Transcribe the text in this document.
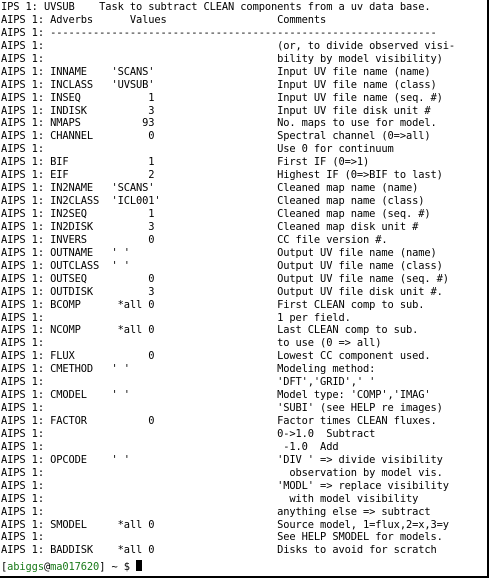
IPS 1: UVSUB    Task to subtract CLEAN components from a uv data base.
AIPS 1: Adverbs      Values                  Comments
AIPS 1: ---------------------------------------------------------------
AIPS 1:                                      (or, to divide observed visi-
AIPS 1:                                      bility by model visibility)
AIPS 1: INNAME    'SCANS'                    Input UV file name (name)
AIPS 1: INCLASS   'UVSUB'                    Input UV file name (class)
AIPS 1: INSEQ           1                    Input UV file name (seq. #)
AIPS 1: INDISK          3                    Input UV file disk unit #
AIPS 1: NMAPS          93                    No. maps to use for model.
AIPS 1: CHANNEL         0                    Spectral channel (0=>all)
AIPS 1:                                      Use 0 for continuum
AIPS 1: BIF             1                    First IF (0=>1)
AIPS 1: EIF             2                    Highest IF (0=>BIF to last)
AIPS 1: IN2NAME   'SCANS'                    Cleaned map name (name)
AIPS 1: IN2CLASS  'ICL001'                   Cleaned map name (class)
AIPS 1: IN2SEQ          1                    Cleaned map name (seq. #)
AIPS 1: IN2DISK         3                    Cleaned map disk unit #
AIPS 1: INVERS          0                    CC file version #.
AIPS 1: OUTNAME   ' '                        Output UV file name (name)
AIPS 1: OUTCLASS  ' '                        Output UV file name (class)
AIPS 1: OUTSEQ          0                    Output UV file name (seq. #)
AIPS 1: OUTDISK         3                    Output UV file disk unit #.
AIPS 1: BCOMP      *all 0                    First CLEAN comp to sub.
AIPS 1:                                      1 per field.
AIPS 1: NCOMP      *all 0                    Last CLEAN comp to sub.
AIPS 1:                                      to use (0 => all)
AIPS 1: FLUX            0                    Lowest CC component used.
AIPS 1: CMETHOD   ' '                        Modeling method:
AIPS 1:                                      'DFT','GRID',' '
AIPS 1: CMODEL    ' '                        Model type: 'COMP','IMAG'
AIPS 1:                                      'SUBI' (see HELP re images)
AIPS 1: FACTOR          0                    Factor times CLEAN fluxes.
AIPS 1:                                      0->1.0  Subtract
AIPS 1:                                       -1.0  Add
AIPS 1: OPCODE    ' '                        'DIV ' => divide visibility
AIPS 1:                                        observation by model vis.
AIPS 1:                                      'MODL' => replace visibility
AIPS 1:                                        with model visibility
AIPS 1:                                      anything else => subtract
AIPS 1: SMODEL     *all 0                    Source model, 1=flux,2=x,3=y
AIPS 1:                                      See HELP SMODEL for models.
AIPS 1: BADDISK    *all 0                    Disks to avoid for scratch
[abiggs@ma017620] ~ $
